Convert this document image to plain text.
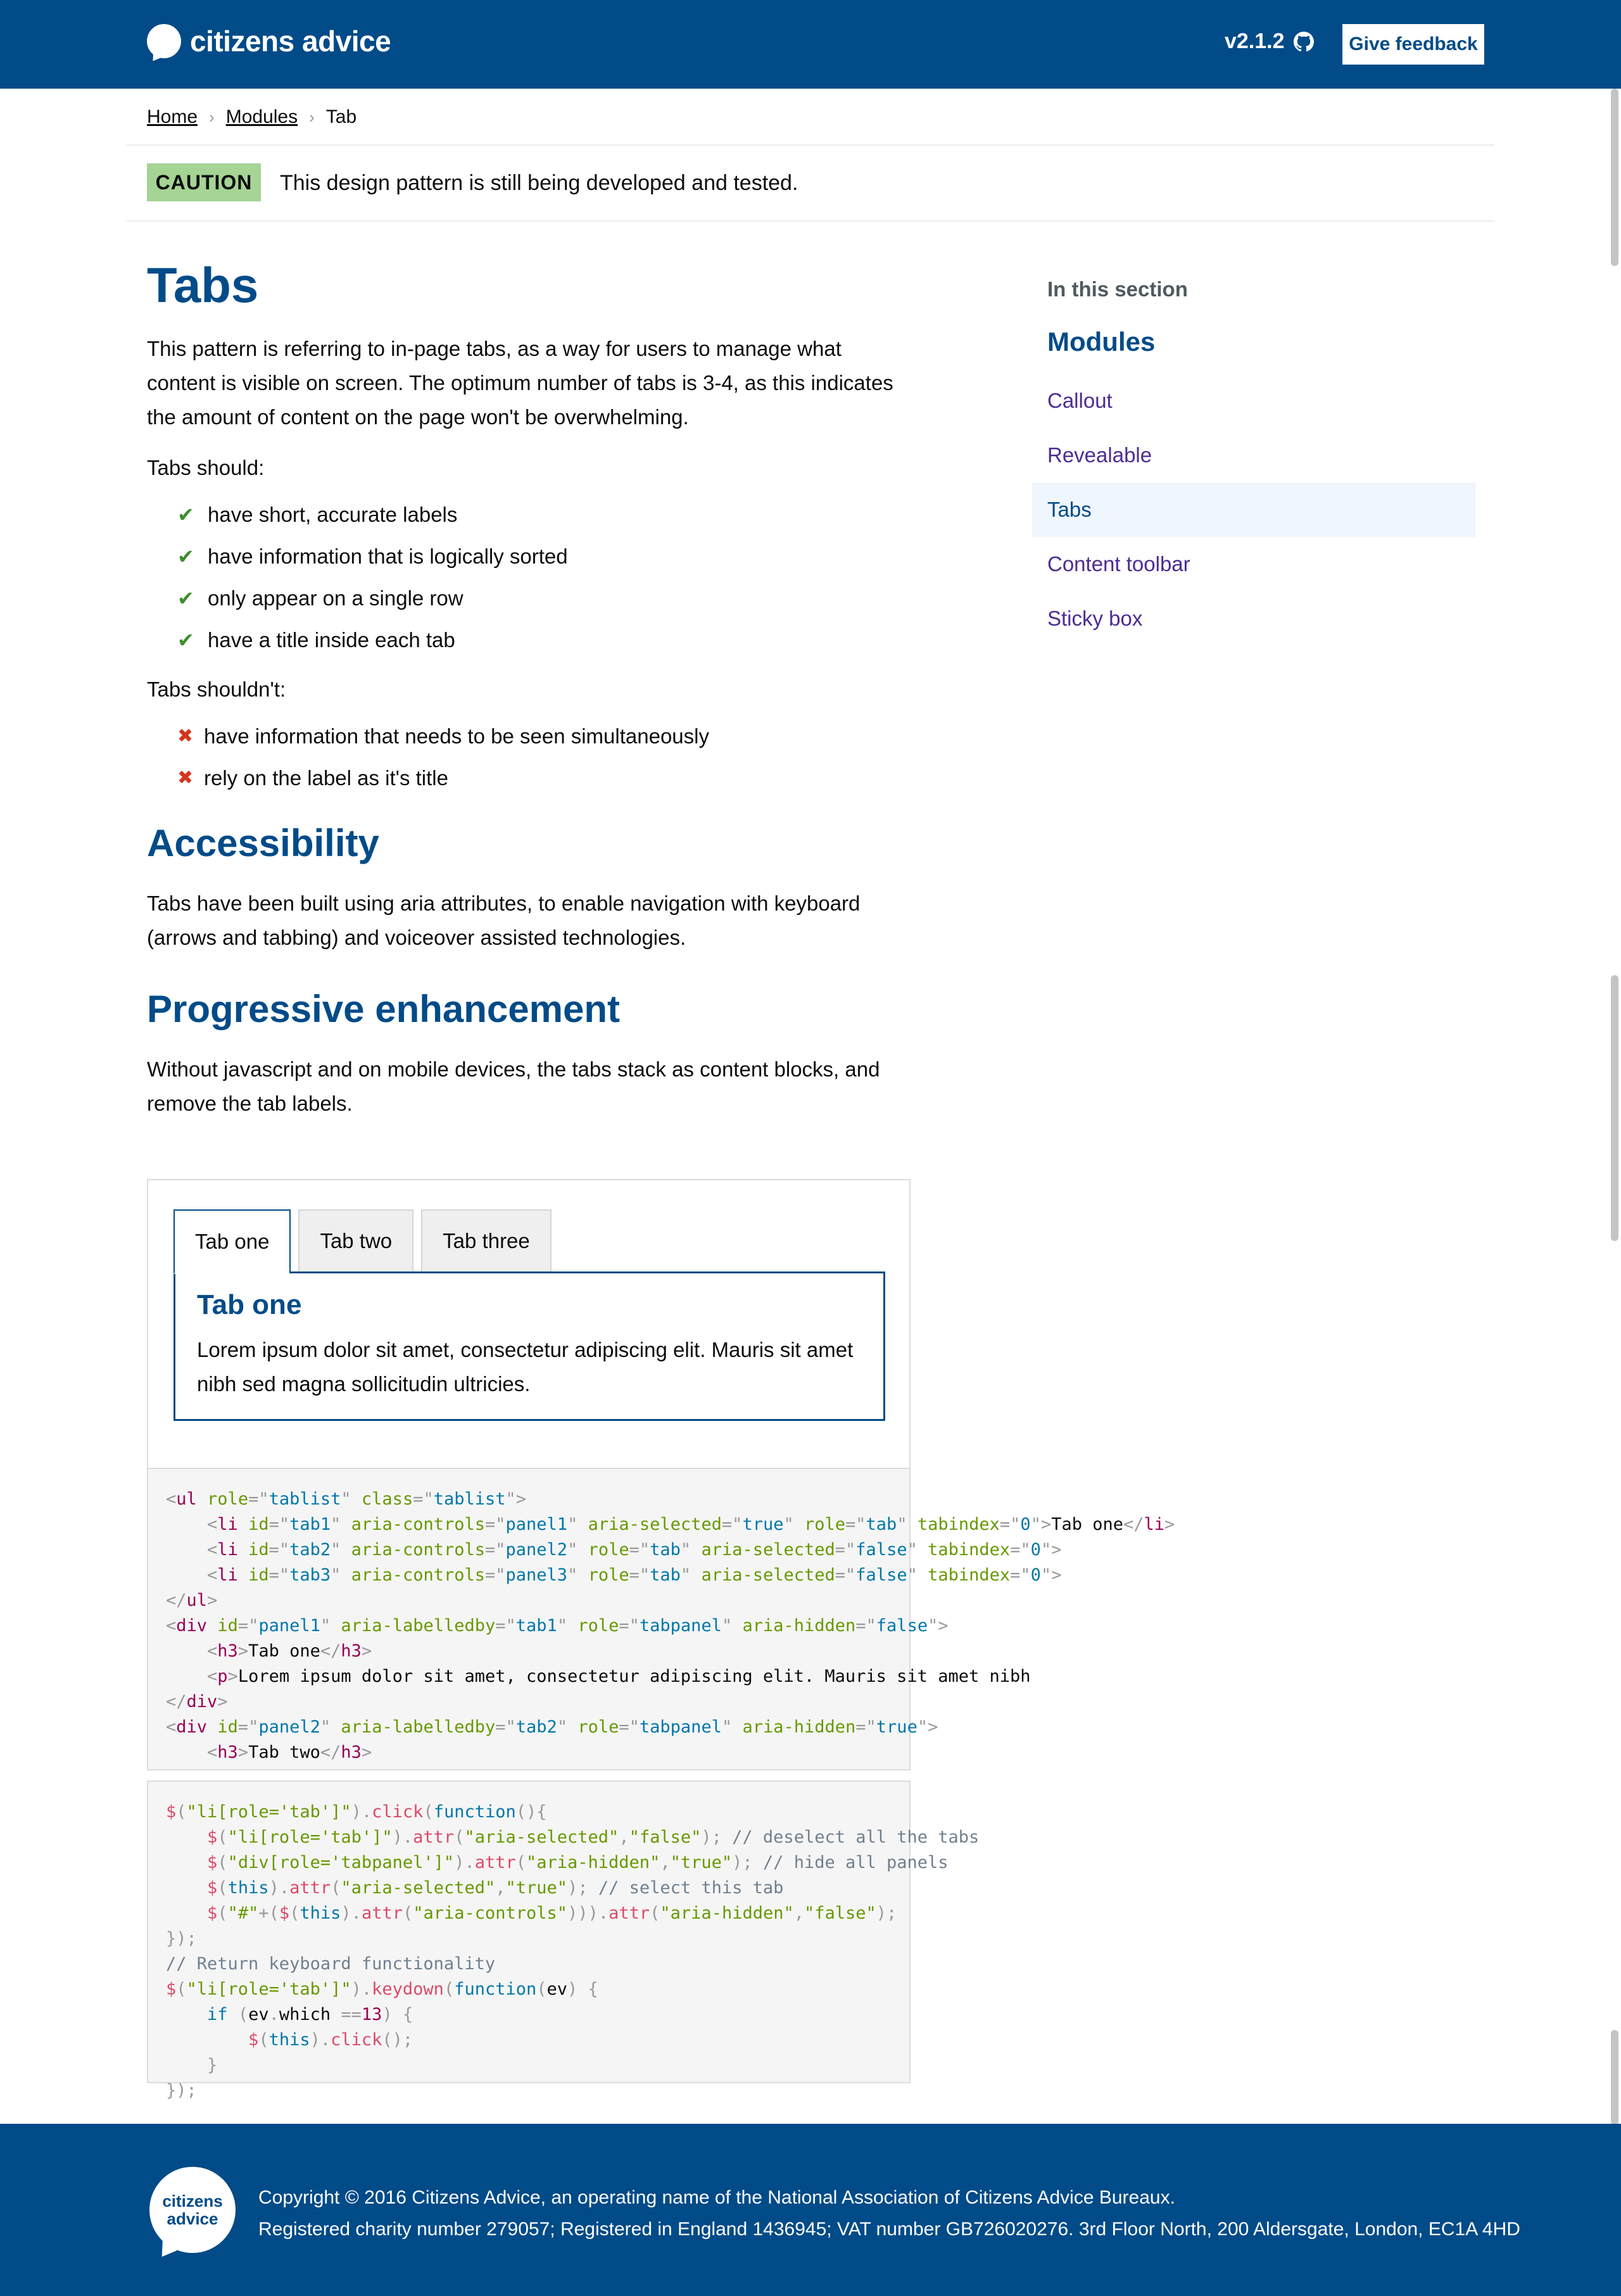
citizens advice	v2.1.2	Give feedback
Home › Modules › Tab
CAUTION	This design pattern is still being developed and tested.
Tabs

This pattern is referring to in-page tabs, as a way for users to manage what content is visible on screen. The optimum number of tabs is 3-4, as this indicates the amount of content on the page won't be overwhelming.

Tabs should:

✔ have short, accurate labels
✔ have information that is logically sorted
✔ only appear on a single row
✔ have a title inside each tab

Tabs shouldn't:

✖ have information that needs to be seen simultaneously
✖ rely on the label as it's title
Accessibility

Tabs have been built using aria attributes, to enable navigation with keyboard (arrows and tabbing) and voiceover assisted technologies.

Progressive enhancement

Without javascript and on mobile devices, the tabs stack as content blocks, and remove the tab labels.

Tab one	Tab two	Tab three
Tab one

Lorem ipsum dolor sit amet, consectetur adipiscing elit. Mauris sit amet nibh sed magna sollicitudin ultricies.

<ul role="tablist" class="tablist">
<li id="tab1" aria-controls="panel1" aria-selected="true" role="tab" tabindex="0">Tab one</li>
<li id="tab2" aria-controls="panel2" role="tab" aria-selected="false" tabindex="0">
<li id="tab3" aria-controls="panel3" role="tab" aria-selected="false" tabindex="0">
</ul>
<div id="panel1" aria-labelledby="tab1" role="tabpanel" aria-hidden="false">
<h3>Tab one</h3>
<p>Lorem ipsum dolor sit amet, consectetur adipiscing elit. Mauris sit amet nibh
</div>
<div id="panel2" aria-labelledby="tab2" role="tabpanel" aria-hidden="true">
<h3>Tab two</h3>
$("li[role='tab']").click(function(){
$("li[role='tab']").attr("aria-selected","false"); // deselect all the tabs
$("div[role='tabpanel']").attr("aria-hidden","true"); // hide all panels
$(this).attr("aria-selected","true"); // select this tab
$("#"+($(this).attr("aria-controls"))).attr("aria-hidden","false");
});
// Return keyboard functionality
$("li[role='tab']").keydown(function(ev) {
if (ev.which ==13) {
$(this).click();
}
});
In this section
Modules
Callout
Revealable
Tabs
Content toolbar
Sticky box
citizens
advice
Copyright © 2016 Citizens Advice, an operating name of the National Association of Citizens Advice Bureaux.
Registered charity number 279057; Registered in England 1436945; VAT number GB726020276. 3rd Floor North, 200 Aldersgate, London, EC1A 4HD
